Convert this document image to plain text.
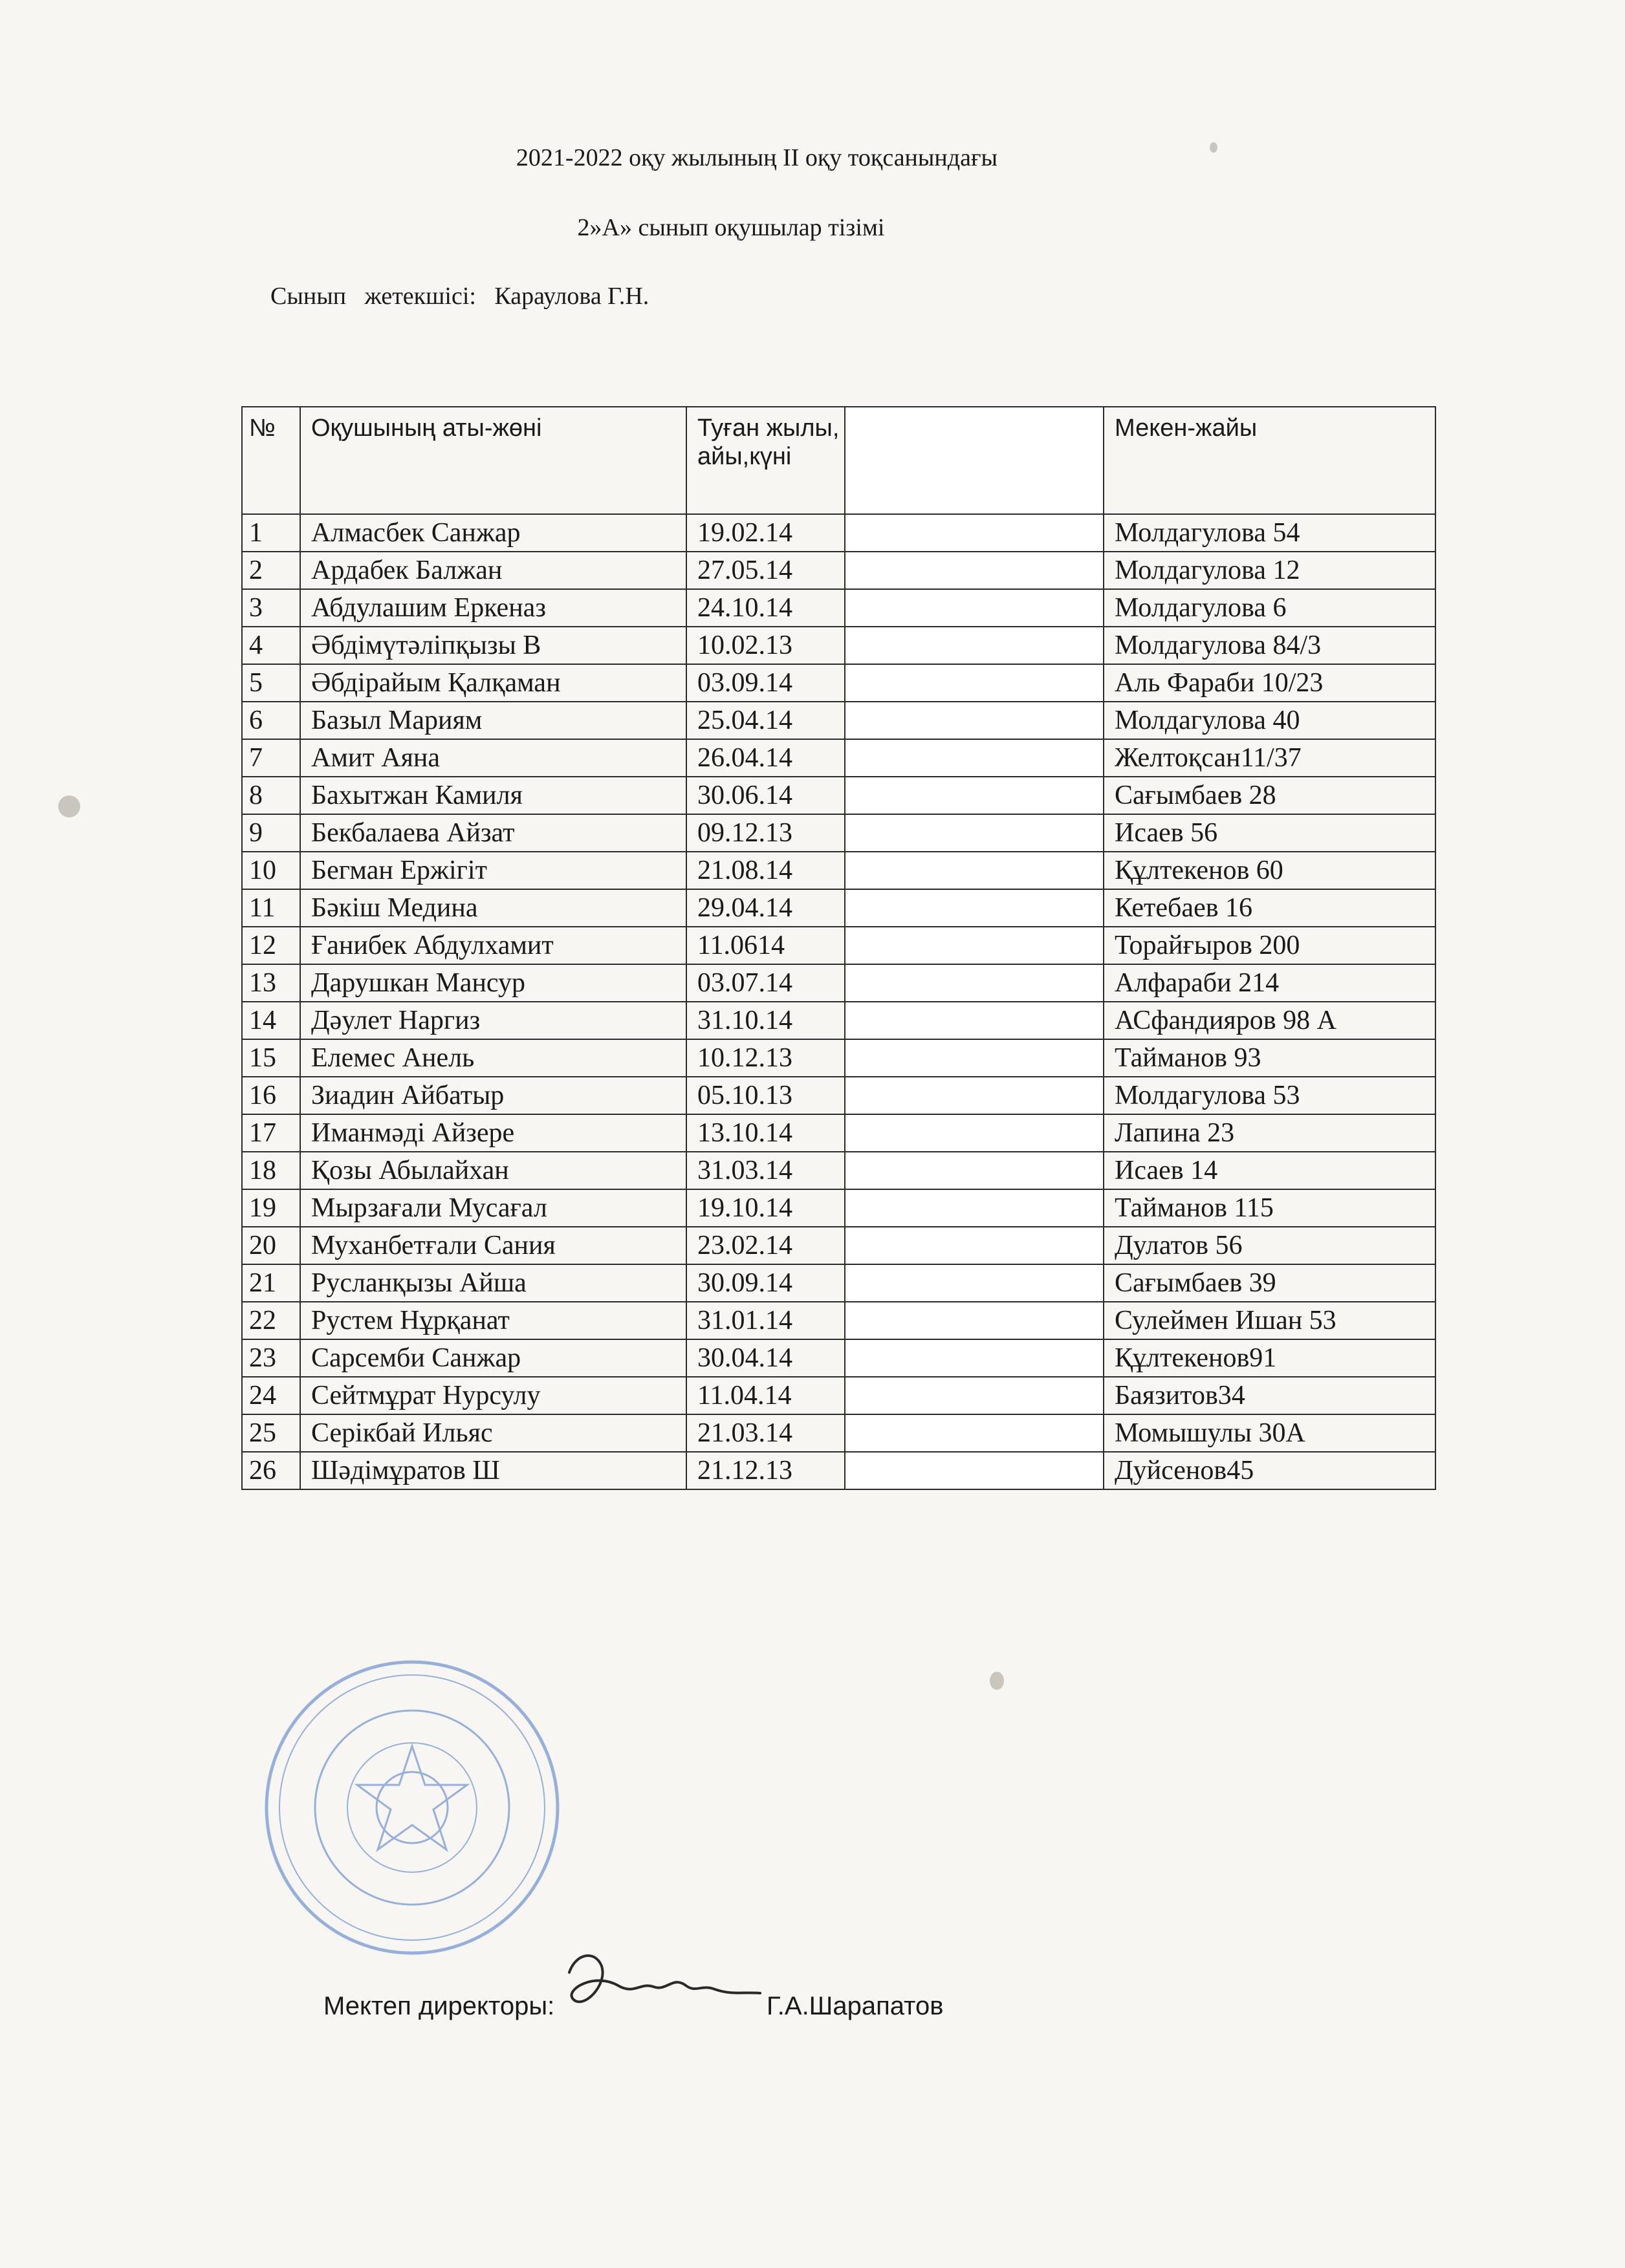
2021-2022 оқу жылының ІІ оқу тоқсанындағы
2»А» сынып оқушылар тізімі
Сынып   жетекшісі:   Караулова Г.Н.
№	Оқушының аты-жөні	Туған жылы, айы,күні		Мекен-жайы
1	Алмасбек Санжар	19.02.14		Молдагулова 54
2	Ардабек Балжан	27.05.14		Молдагулова 12
3	Абдулашим Еркеназ	24.10.14		Молдагулова 6
4	Әбдімүтәліпқызы В	10.02.13		Молдагулова 84/3
5	Әбдірайым Қалқаман	03.09.14		Аль Фараби 10/23
6	Базыл Мариям	25.04.14		Молдагулова 40
7	Амит Аяна	26.04.14		Желтоқсан11/37
8	Бахытжан Камиля	30.06.14		Сағымбаев 28
9	Бекбалаева Айзат	09.12.13		Исаев 56
10	Бегман Ержігіт	21.08.14		Құлтекенов 60
11	Бәкіш Медина	29.04.14		Кетебаев 16
12	Ғанибек Абдулхамит	11.0614		Торайғыров 200
13	Дарушкан Мансур	03.07.14		Алфараби 214
14	Дәулет Наргиз	31.10.14		АСфандияров 98 А
15	Елемес Анель	10.12.13		Тайманов 93
16	Зиадин Айбатыр	05.10.13		Молдагулова 53
17	Иманмәді Айзере	13.10.14		Лапина 23
18	Қозы Абылайхан	31.03.14		Исаев 14
19	Мырзағали Мусағал	19.10.14		Тайманов 115
20	Муханбетғали Сания	23.02.14		Дулатов 56
21	Русланқызы Айша	30.09.14		Сағымбаев 39
22	Рустем Нұрқанат	31.01.14		Сулеймен Ишан 53
23	Сарсемби Санжар	30.04.14		Құлтекенов91
24	Сейтмұрат Нурсулу	11.04.14		Баязитов34
25	Серікбай Ильяс	21.03.14		Момышулы 30А
26	Шәдімұратов Ш	21.12.13		Дуйсенов45
Мектеп директоры:	Г.А.Шарапатов
